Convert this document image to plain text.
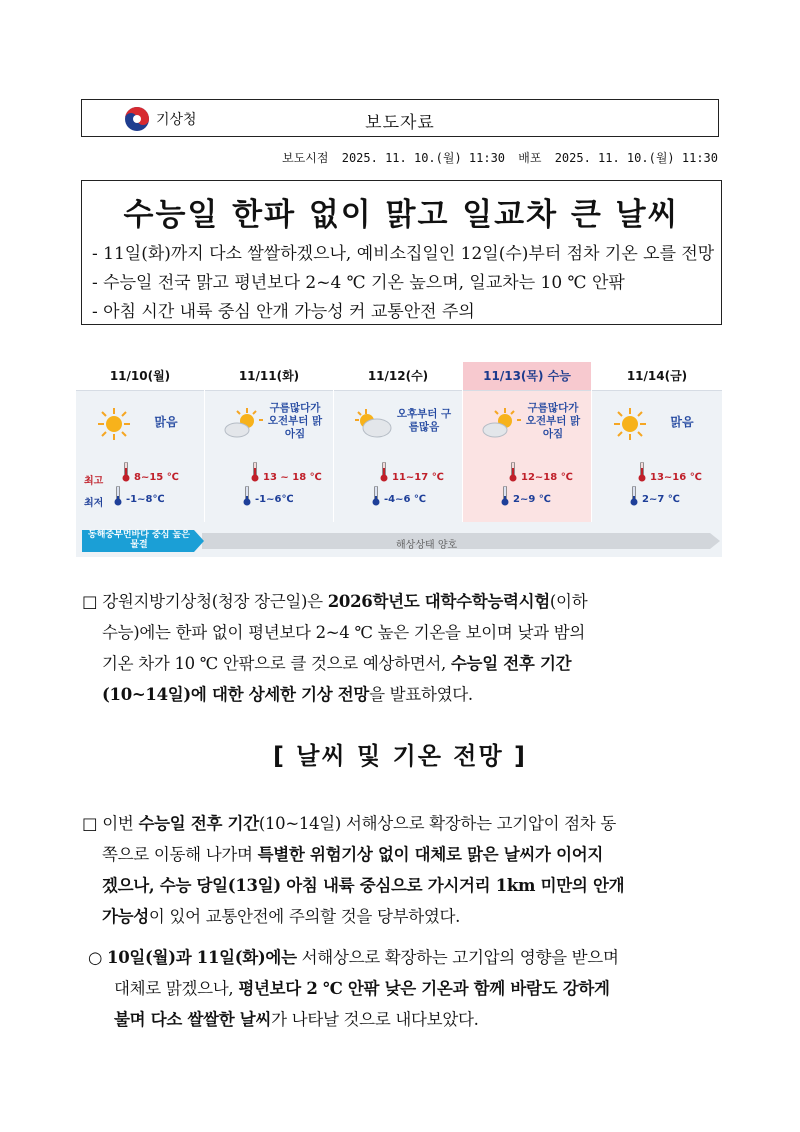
기상청	보도자료
보도시점 2025. 11. 10.(월) 11:30 배포 2025. 11. 10.(월) 11:30
수능일 한파 없이 맑고 일교차 큰 날씨
- 11일(화)까지 다소 쌀쌀하겠으나, 예비소집일인 12일(수)부터 점차 기온 오를 전망
- 수능일 전국 맑고 평년보다 2~4 ℃ 기온 높으며, 일교차는 10 ℃ 안팎
- 아침 시간 내륙 중심 안개 가능성 커 교통안전 주의
11/10(월)
맑음
최고
최저
8~15 ℃
-1~8℃
11/11(화)
구름많다가 오전부터 맑아짐
13 ~ 18 ℃
-1~6℃
11/12(수)
오후부터 구름많음
11~17 ℃
-4~6 ℃
11/13(목) 수능
구름많다가 오전부터 맑아짐
12~18 ℃
2~9 ℃
11/14(금)
맑음
13~16 ℃
2~7 ℃
동해중부먼바다 중심 높은 물결	해상상태 양호
□ 강원지방기상청(청장 장근일)은 2026학년도 대학수학능력시험(이하
수능)에는 한파 없이 평년보다 2~4 ℃ 높은 기온을 보이며 낮과 밤의
기온 차가 10 ℃ 안팎으로 클 것으로 예상하면서, 수능일 전후 기간
(10~14일)에 대한 상세한 기상 전망을 발표하였다.
[ 날씨 및 기온 전망 ]
□ 이번 수능일 전후 기간(10~14일) 서해상으로 확장하는 고기압이 점차 동
쪽으로 이동해 나가며 특별한 위험기상 없이 대체로 맑은 날씨가 이어지
겠으나, 수능 당일(13일) 아침 내륙 중심으로 가시거리 1km 미만의 안개
가능성이 있어 교통안전에 주의할 것을 당부하였다.
○ 10일(월)과 11일(화)에는 서해상으로 확장하는 고기압의 영향을 받으며
대체로 맑겠으나, 평년보다 2 ℃ 안팎 낮은 기온과 함께 바람도 강하게
불며 다소 쌀쌀한 날씨가 나타날 것으로 내다보았다.
